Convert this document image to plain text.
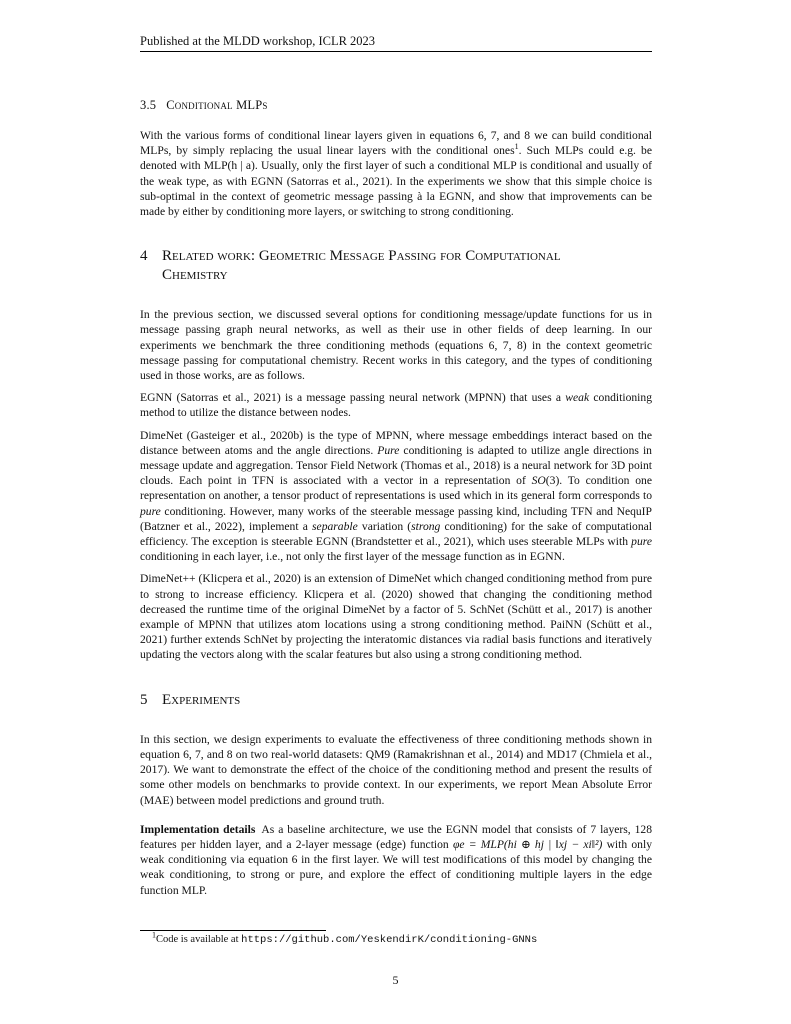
Published at the MLDD workshop, ICLR 2023
3.5 Conditional MLPs

With the various forms of conditional linear layers given in equations 6, 7, and 8 we can build conditional MLPs, by simply replacing the usual linear layers with the conditional ones$^1$. Such MLPs could e.g. be denoted with MLP(h | a). Usually, only the first layer of such a conditional MLP is conditional and usually of the weak type, as with EGNN (Satorras et al., 2021). In the experiments we show that this simple choice is sub-optimal in the context of geometric message passing à la EGNN, and show that improvements can be made by either by conditioning more layers, or switching to strong conditioning.

4 Related work: Geometric Message Passing for Computational
Chemistry

In the previous section, we discussed several options for conditioning message/update functions for us in message passing graph neural networks, as well as their use in other fields of deep learning. In our experiments we benchmark the three conditioning methods (equations 6, 7, 8) in the context geometric message passing for computational chemistry. Recent works in this category, and the types of conditioning used in those works, are as follows.

EGNN (Satorras et al., 2021) is a message passing neural network (MPNN) that uses a weak conditioning method to utilize the distance between nodes.

DimeNet (Gasteiger et al., 2020b) is the type of MPNN, where message embeddings interact based on the distance between atoms and the angle directions. Pure conditioning is adapted to utilize angle directions in message update and aggregation. Tensor Field Network (Thomas et al., 2018) is a neural network for 3D point clouds. Each point in TFN is associated with a vector in a representation of SO(3). To condition one representation on another, a tensor product of representations is used which in its general form corresponds to pure conditioning. However, many works of the steerable message passing kind, including TFN and NequIP (Batzner et al., 2022), implement a separable variation (strong conditioning) for the sake of computational efficiency. The exception is steerable EGNN (Brandstetter et al., 2021), which uses steerable MLPs with pure conditioning in each layer, i.e., not only the first layer of the message function as in EGNN.

DimeNet++ (Klicpera et al., 2020) is an extension of DimeNet which changed conditioning method from pure to strong to increase efficiency. Klicpera et al. (2020) showed that changing the conditioning method decreased the runtime time of the original DimeNet by a factor of 5. SchNet (Schütt et al., 2017) is another example of MPNN that utilizes atom locations using a strong conditioning method. PaiNN (Schütt et al., 2021) further extends SchNet by projecting the interatomic distances via radial basis functions and iteratively updating the vectors along with the scalar features but also using a strong conditioning method.

5 Experiments

In this section, we design experiments to evaluate the effectiveness of three conditioning methods shown in equation 6, 7, and 8 on two real-world datasets: QM9 (Ramakrishnan et al., 2014) and MD17 (Chmiela et al., 2017). We want to demonstrate the effect of the choice of the conditioning method and present the results of some other models on benchmarks to provide context. In our experiments, we report Mean Absolute Error (MAE) between model predictions and ground truth.

Implementation details As a baseline architecture, we use the EGNN model that consists of 7 layers, 128 features per hidden layer, and a 2-layer message (edge) function φe = MLP(hi ⊕ hj | ‖xj − xi‖²) with only weak conditioning via equation 6 in the first layer. We will test modifications of this model by changing the weak conditioning, to strong or pure, and explore the effect of conditioning multiple layers in the edge function MLP.

$^1$Code is available at https://github.com/YeskendirK/conditioning-GNNs
5
